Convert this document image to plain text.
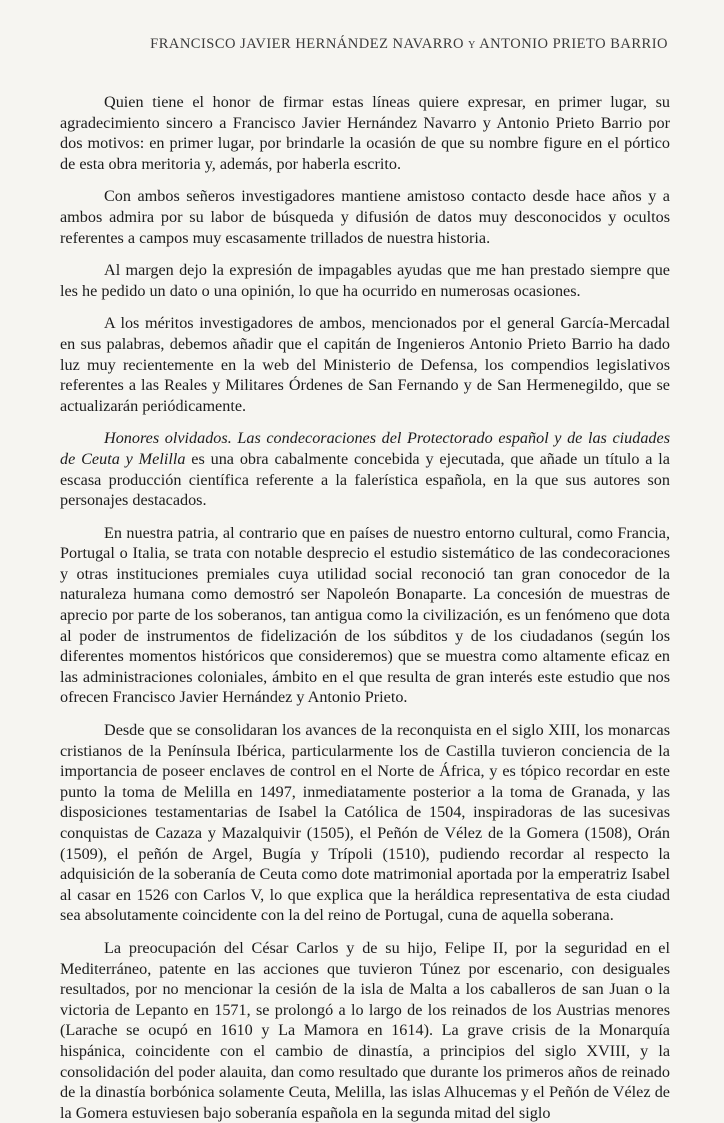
FRANCISCO JAVIER HERNÁNDEZ NAVARRO y ANTONIO PRIETO BARRIO

Quien tiene el honor de firmar estas líneas quiere expresar, en primer lugar, su agradecimiento sincero a Francisco Javier Hernández Navarro y Antonio Prieto Barrio por dos motivos: en primer lugar, por brindarle la ocasión de que su nombre figure en el pórtico de esta obra meritoria y, además, por haberla escrito.

Con ambos señeros investigadores mantiene amistoso contacto desde hace años y a ambos admira por su labor de búsqueda y difusión de datos muy desconocidos y ocultos referentes a campos muy escasamente trillados de nuestra historia.

Al margen dejo la expresión de impagables ayudas que me han prestado siempre que les he pedido un dato o una opinión, lo que ha ocurrido en numerosas ocasiones.

A los méritos investigadores de ambos, mencionados por el general García-Mercadal en sus palabras, debemos añadir que el capitán de Ingenieros Antonio Prieto Barrio ha dado luz muy recientemente en la web del Ministerio de Defensa, los compendios legislativos referentes a las Reales y Militares Órdenes de San Fernando y de San Hermenegildo, que se actualizarán periódicamente.

Honores olvidados. Las condecoraciones del Protectorado español y de las ciudades de Ceuta y Melilla es una obra cabalmente concebida y ejecutada, que añade un título a la escasa producción científica referente a la falerística española, en la que sus autores son personajes destacados.

En nuestra patria, al contrario que en países de nuestro entorno cultural, como Francia, Portugal o Italia, se trata con notable desprecio el estudio sistemático de las condecoraciones y otras instituciones premiales cuya utilidad social reconoció tan gran conocedor de la naturaleza humana como demostró ser Napoleón Bonaparte. La concesión de muestras de aprecio por parte de los soberanos, tan antigua como la civilización, es un fenómeno que dota al poder de instrumentos de fidelización de los súbditos y de los ciudadanos (según los diferentes momentos históricos que consideremos) que se muestra como altamente eficaz en las administraciones coloniales, ámbito en el que resulta de gran interés este estudio que nos ofrecen Francisco Javier Hernández y Antonio Prieto.

Desde que se consolidaran los avances de la reconquista en el siglo XIII, los monarcas cristianos de la Península Ibérica, particularmente los de Castilla tuvieron conciencia de la importancia de poseer enclaves de control en el Norte de África, y es tópico recordar en este punto la toma de Melilla en 1497, inmediatamente posterior a la toma de Granada, y las disposiciones testamentarias de Isabel la Católica de 1504, inspiradoras de las sucesivas conquistas de Cazaza y Mazalquivir (1505), el Peñón de Vélez de la Gomera (1508), Orán (1509), el peñón de Argel, Bugía y Trípoli (1510), pudiendo recordar al respecto la adquisición de la soberanía de Ceuta como dote matrimonial aportada por la emperatriz Isabel al casar en 1526 con Carlos V, lo que explica que la heráldica representativa de esta ciudad sea absolutamente coincidente con la del reino de Portugal, cuna de aquella soberana.

La preocupación del César Carlos y de su hijo, Felipe II, por la seguridad en el Mediterráneo, patente en las acciones que tuvieron Túnez por escenario, con desiguales resultados, por no mencionar la cesión de la isla de Malta a los caballeros de san Juan o la victoria de Lepanto en 1571, se prolongó a lo largo de los reinados de los Austrias menores (Larache se ocupó en 1610 y La Mamora en 1614). La grave crisis de la Monarquía hispánica, coincidente con el cambio de dinastía, a principios del siglo XVIII, y la consolidación del poder alauita, dan como resultado que durante los primeros años de reinado de la dinastía borbónica solamente Ceuta, Melilla, las islas Alhucemas y el Peñón de Vélez de la Gomera estuviesen bajo soberanía española en la segunda mitad del siglo
